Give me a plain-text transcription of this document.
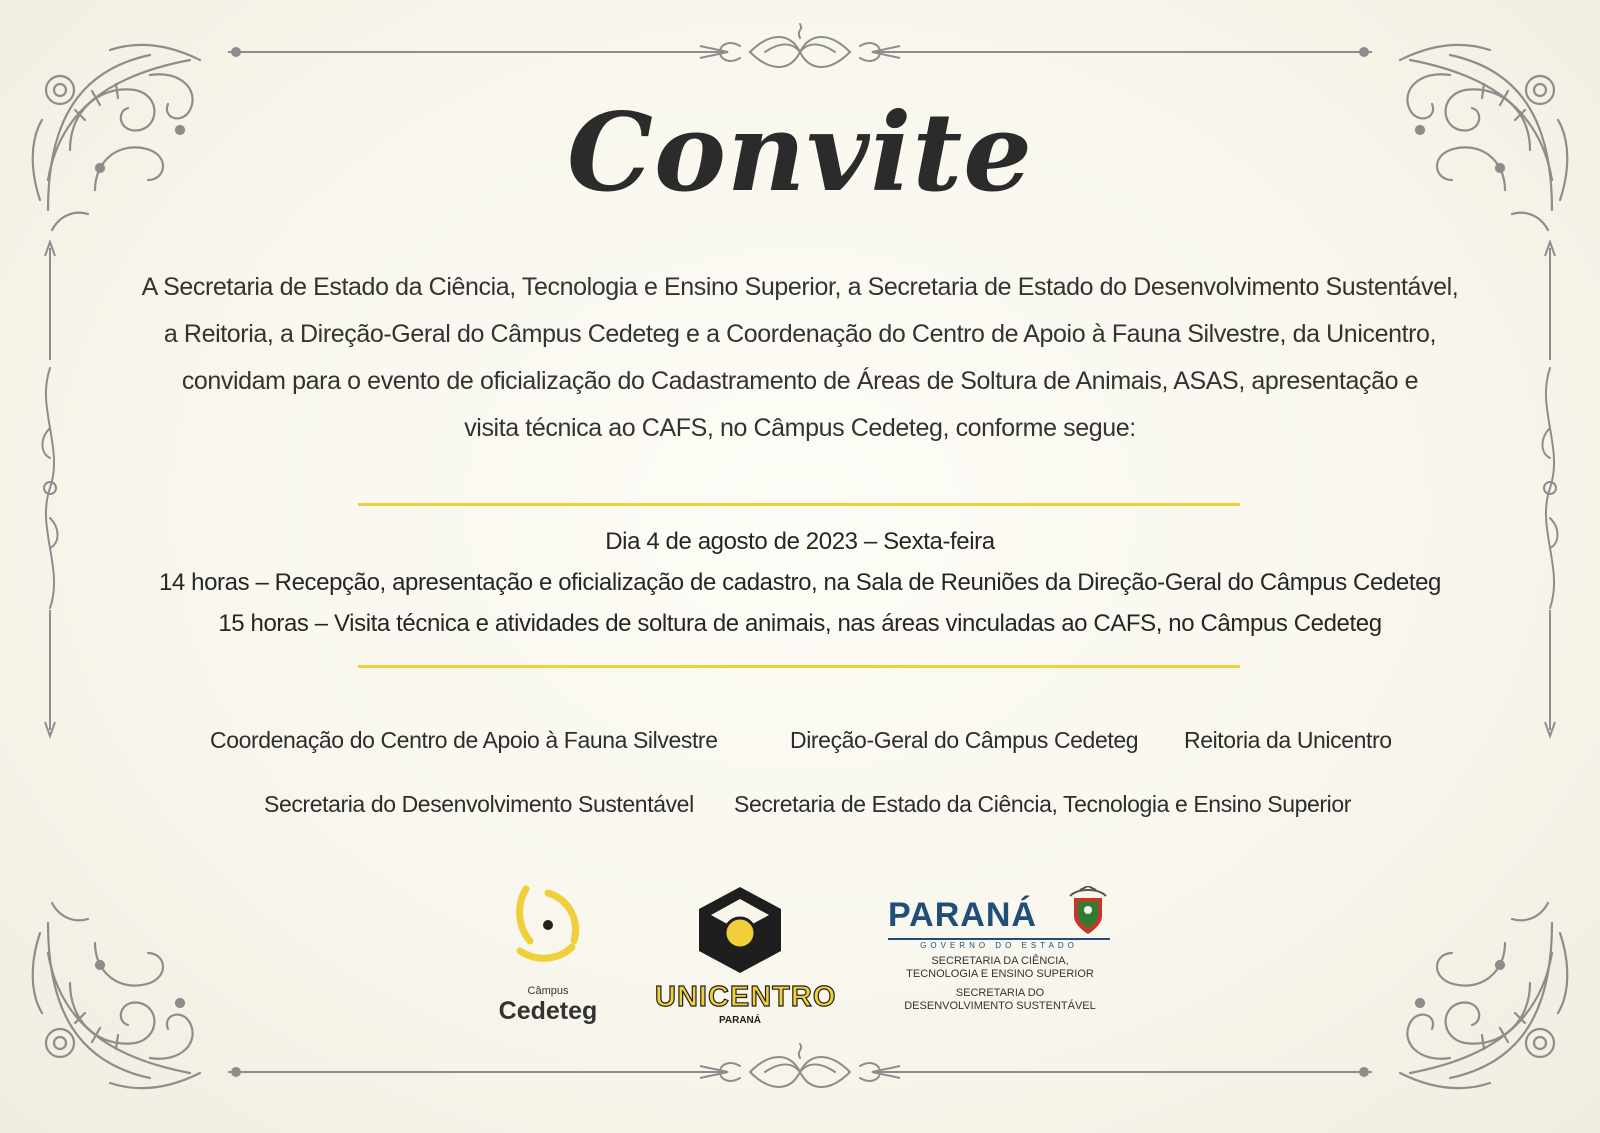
Convite
A Secretaria de Estado da Ciência, Tecnologia e Ensino Superior, a Secretaria de Estado do Desenvolvimento Sustentável,
a Reitoria, a Direção-Geral do Câmpus Cedeteg e a Coordenação do Centro de Apoio à Fauna Silvestre, da Unicentro,
convidam para o evento de oficialização do Cadastramento de Áreas de Soltura de Animais, ASAS, apresentação e
visita técnica ao CAFS, no Câmpus Cedeteg, conforme segue:
Dia 4 de agosto de 2023 – Sexta-feira
14 horas – Recepção, apresentação e oficialização de cadastro, na Sala de Reuniões da Direção-Geral do Câmpus Cedeteg
15 horas – Visita técnica e atividades de soltura de animais, nas áreas vinculadas ao CAFS, no Câmpus Cedeteg
Coordenação do Centro de Apoio à Fauna Silvestre	Direção-Geral do Câmpus Cedeteg Reitoria da Unicentro
Secretaria do Desenvolvimento Sustentável Secretaria de Estado da Ciência, Tecnologia e Ensino Superior
Câmpus
Cedeteg	UNICENTRO
PARANÁ
PARANÁ
GOVERNO DO ESTADO
SECRETARIA DA CIÊNCIA,
TECNOLOGIA E ENSINO SUPERIOR
SECRETARIA DO
DESENVOLVIMENTO SUSTENTÁVEL
